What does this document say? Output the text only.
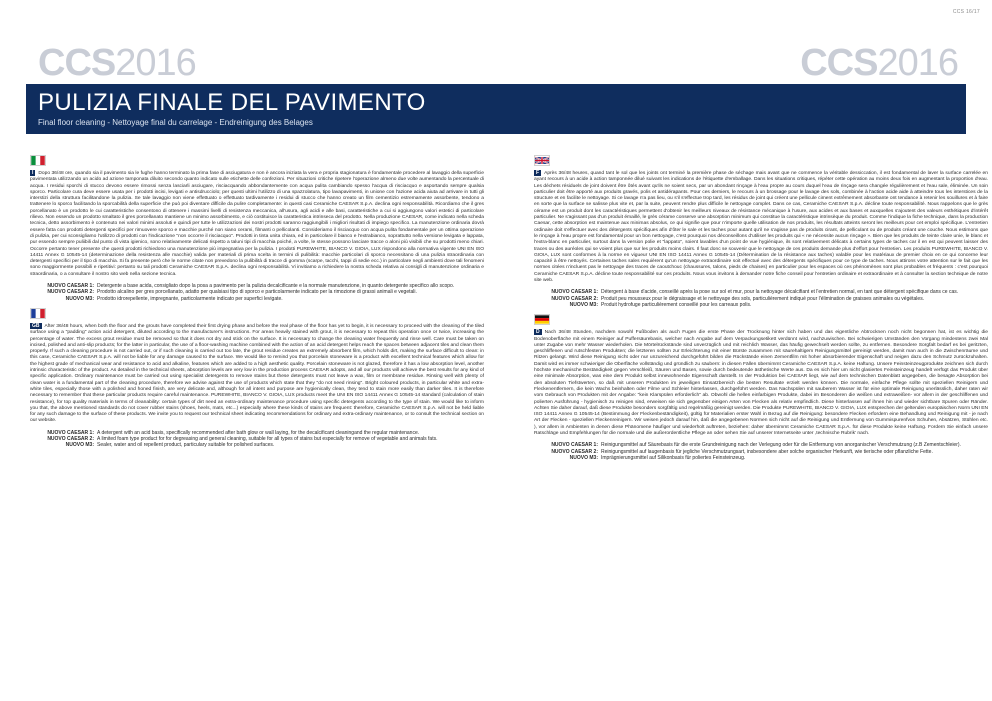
CCS 16/17
CCS2016	CCS2016
PULIZIA FINALE DEL PAVIMENTO
Final floor cleaning - Nettoyage final du carrelage - Endreinigung des Belages

I Dopo 36/48 ore, quando sia il pavimento sia le fughe hanno terminato la prima fase di asciugatura e non è ancora iniziata la vera e propria stagionatura è fondamentale procedere al lavaggio della superficie pavimentata utilizzando un acido ad azione tamponata diluito secondo quanto indicato sulle etichette delle confezioni. Per situazioni critiche ripetere l'operazione almeno due volte aumentando la percentuale di acqua. I residui sporchi di stucco devono essere rimossi senza lasciarli asciugare, risciacquando abbondantemente con acqua pulita cambiando spesso l'acqua di risciacquo e asportando sempre qualsia sporco. Particolare cura deve essere usata per i prodotti incisi, levigati e antisdrucciolo; per questi ultimi l'utilizzo di una spazzolatura, tipo lavapavimenti, in unione con l'azione acida aiuta ad arrivare in tutti gli interstizi della struttura facilitandone la pulizia. Se tale lavaggio non viene effettuato o effettuato tardivamente i residui di stucco che hanno creato un film cementizio estremamente assorbente, tendono a trattenere lo sporco facilitando la sporcabilità della superficie che può poi diventare difficile da pulire completamente: in questi casi Ceramiche CAESAR S.p.A. declina ogni responsabilità. Ricordiamo che il gres porcellanato è un prodotto le cui caratteristiche consentono di ottenere i massimi livelli di resistenza meccanica, all'usura, agli acidi e alle basi, caratteristiche a cui si aggiungono valori estetici di particolare rilievo. Non essendo un prodotto smaltato il gres porcellanato mantiene un minimo assorbimento, e ciò costituisce la caratteristica intrinseca del prodotto. Nella produzione CAESAR, come indicato nella scheda tecnica, detto assorbimento è contenuto nei valori minimi assoluti e quindi per tutte le utilizzazioni dei nostri prodotti saranno raggiungibili i migliori risultati di impiego specifico. La manutenzione ordinaria dovrà essere fatta con prodotti detergenti specifici per rimuovere sporco e macchie purché non siano cerami, filmanti o pellicolanti. Consideriamo il risciacquo con acqua pulita fondamentale per un ottima operazione di pulizia, per cui sconsigliamo l'utilizzo di prodotti con l'indicazione "non occorre il risciacquo". Prodotti in tinta unita chiara, ed in particolare il bianco e l'extrabianco, soprattutto nella versione levigata e lappata, pur essendo sempre puliibili dal punto di vista igienico, sono relativamente delicati rispetto a taluni tipi di macchia poiché, a volte, le stesse possono lasciare tracce o aloni più visibili che su prodotti meno chiari. Occorre pertanto tener presente che questi prodotti richiedono una manutenzione più impegnativa per la pulizia. I prodotti PUREWHITE, BIANCO V. GIOIA, LUX rispondono alla normativa vigente UNI EN ISO 14411 Annex G 10545-14 (determinazione della resistenza alle macchie) valida per materiali di prima scelta in termini di pulibilità: macchie particolari di sporco necessitano di una pulizia straordinaria con detergenti specifici per il tipo di macchia. Si fa presente però che le norme citate non prevedono la pulibilità di tracce di gomma (scarpe, tacchi, tappi di sedie ecc.) in particolare negli ambienti dove tali fenomeni sono maggiormente possibili e ripetitivi: pertanto su tali prodotti Ceramiche CAESAR S.p.A. declina ogni responsabilità. Vi invitiamo a richiedere la nostra scheda relativa ai consigli di manutenzione ordinaria e straordinaria, o a consultare il nostro sito web nella sezione tecnica.

NUOVO CAESAR 1: Detergente a base acida, consigliato dopo la posa a pavimento per la pulizia decalcificante e la normale manutenzione, in quanto detergente specifico allo scopo.
NUOVO CAESAR 2: Prodotto alcalino per gres porcellanato, adatto per qualsiasi tipo di sporco e particolarmente indicato per la rimozione di grassi animali e vegetali.
NUOVO M3: Prodotto idrorepellente, impregnante, particolarmente indicato per superfici levigate.

GB After 36/48 hours, when both the floor and the grouts have completed their first drying phase and before the real phase of the floor has yet to begin, it is necessary to proceed with the cleaning of the tiled surface using a "padding" action acid detergent, diluted according to the manufacturer's instructions. For areas heavily stained with grout, it is necessary to repeat this operation once or twice, increasing the percentage of water. The excess grout residue must be removed so that it does not dry and stick on the surface. It is necessary to change the cleaning water frequently and rinse well. Care must be taken on incised, polished and anti-slip products; for the latter in particular, the use of a floor-washing machine combined with the action of an acid detergent helps reach the spaces between adjacent tiles and clean them properly. If such a cleaning procedure is not carried out, or if such cleaning is carried out too late, the grout residue creates an extremely absorbent film, which holds dirt, making the surface difficult to clean: in this case, Ceramiche CAESAR S.p.A. will not be liable for any damage caused to the surface. We would like to remind you that porcelain stoneware is a product with excellent technical features which allow for the highest grade of mechanical wear and resistance to acid and alkaline, features which are added to a high aesthetic quality. Porcelain stoneware is not glazed, therefore it has a low absorption level, another intrinsic characteristic of the product. As detailed in the technical sheets, absorption levels are very low in the production process CAESAR adopts, and all our products will achieve the best results for any kind of specific application. Ordinary maintenance must be carried out using specialist detergents to remove stains but these detergents must not leave a wax, film or membrane residue. Rinsing well with plenty of clean water is a fundamental part of the cleaning procedure, therefore we advise against the use of products which state that they "do not need rinsing". Bright coloured products, in particular white and extra-white tiles, especially those with a polished and honed finish, are very delicate and, although for all intent and purpose are hygienically clean, they tend to stain more easily than darker tiles. It is therefore necessary to remember that these particular products require careful maintenance. PUREWHITE, BIANCO V. GIOIA, LUX products meet the UNI EN ISO 14411 Annex G 10545-14 standard (calculation of stain resistance), for top quality materials in terms of cleanability: certain types of dirt need an extra-ordinary maintenance procedure using specific detergents according to the type of stain. We would like to inform you that, the above mentioned standards do not cover rubber stains (shoes, heels, mats, etc...) especially where these kinds of stains are frequent: therefore, Ceramiche CAESAR S.p.A. will not be held liable for any such damage to the surface of these products. We invite you to request our technical sheet indicating recommendations for ordinary and extra-ordinary maintenance, or to consult the technical section on our website.

NUOVO CAESAR 1: A detergent with an acid basis, specifically recommended after bath glow or wall laying, for the decalcificant cleaningand the regular maintenance.
NUOVO CAESAR 2: A limited foam type product for for degreasing and general cleaning, suitable for all types of stains but especially for remove of vegetable and animals fats.
NUOVO M3: Sealer, water and oil repellent product, particulary suitable for polished surfaces.

F Après 36/48 heures, quand tant le sol que les joints ont terminé la première phase de séchage mais avant que ne commence la véritable dessiccation, il est fondamental de laver la surface carrelée en ayant recours à un acide à action tamponnée dilué suivant les indications de l'étiquette d'emballage. Dans les situations critiques, répéter cette opération au moins deux fois en augmentant la proportion d'eau. Les déchets résiduels de joint doivent être ôtés avant qu'ils ne soient secs, par un abondant rinçage à l'eau propre au cours duquel l'eau de rinçage sera changée régulièrement et l'eau sale, éliminée. Un soin particulier doit être apporté aux produits gravés, polis et antidérapants. Pour ces derniers, le recours à un brossage pour le lavage des sols, combinée à l'action acide aide à atteindre tous les interstices de la structure et en facilite le nettoyage. Si ce lavage n'a pas lieu, ou s'il s'effectue trop tard, les résidus de joint qui créent une pellicule ciment extrêmement absorbante ont tendance à retenir les souillures et à faire en sorte que la surface se salisse plus vite et, par la suite, peuvent rendre plus difficile le nettoyage complet. Dans ce cas, Ceramiche CAESAR S.p.A. décline toute responsabilité. Nous rappelons que le grès cérame est un produit dont les caractéristiques permettent d'obtenir les meilleurs niveaux de résistance mécanique à l'usure, aux acides et aux bases et auxquelles s'ajoutent des valeurs esthétiques d'intérêt particulier. Ne s'agissant pas d'un produit émaillé, le grès cérame conserve une absorption minimum qui constitue la caractéristique intrinsèque du produit. Comme l'indique la fiche technique, dans la production Caesar, cette absorption est maintenue aux minimas absolus, ce qui signifie que pour n'importe quelle utilisation de nos produits, les résultats atteints seront les meilleurs pour cet emploi spécifique. L'entretien ordinaire doit s'effectuer avec des détergents spécifiques afin d'ôter le sale et les taches pour autant qu'il ne s'agisse pas de produits cirant, de pelliculant ou de produits créant une couche. Nous estimons que le rinçage à l'eau propre est fondamental pour un bon nettoyage, c'est pourquoi nos déconseillons d'utiliser les produits qui « ne nécessite aucun rinçage ». Bien que les produits de teinte claire unie, le blanc et l'extra-blanc en particulier, surtout dans la version polie et "lappato", soient lavables d'un point de vue hygiénique, ils sont relativement délicats à certains types de taches car il en est qui peuvent laisser des traces ou des auréoles qui se voient plus que sur les produits moins clairs. Il faut donc se souvenir que le nettoyage de ces produits demande plus d'effort pour l'entretien. Les produits PUREWHITE, BIANCO V. GIOIA, LUX sont conformes à la norme en vigueur UNI EN ISO 14411 Annex G 10545-14 (Détermination de la résistance aux taches) valable pour les matériaux de premier choix en ce qui concerne leur capacité à être nettoyés. Certaines taches sales requièrent qu'un nettoyage extraordinaire soit effectué avec des détergents spécifiques pour ce type de taches. Nous attirons votre attention sur le fait que les normes citées n'incluent pas le nettoyage des traces de caoutchouc (chaussures, talons, pieds de chaises) en particulier pour les espaces où ces phénomènes sont plus probables et fréquents : c'est pourquoi Ceramiche CAESAR S.p.A. décline toute responsabilité sur ces produits. Nous vous invitons à demander notre fiche conseil pour l'entretien ordinaire et extraordinaire et à consulter la section technique de notre site web.

NUOVO CAESAR 1: Détergent à base d'acide, conseillé après la pose sur sol et mur, pour la nettoyage décalcifiant et l'entretien normal, en tant que détergent spécifique dans ce cas.
NUOVO CAESAR 2: Produit peu mousseux pour le dégraissage et le nettoyage des sols, particulièrement indiqué pour l'élimination de graisses animales ou végétales.
NUOVO M3: Produit hydrofuge particulièrement conseillé pour les carreaux polis.

D Nach 36/48 Stunden, nachdem sowohl Fußboden als auch Fugen die erste Phase der Trocknung hinter sich haben und das eigentliche Abtrocknen noch nicht begonnen hat, ist es wichtig die Bodenoberfläche mit einem Reiniger auf Puffersäurebasis, welcher nach Angabe auf dem Verpackungsetikett verdünnt wird, nachzuwischen. Bei schwierigen Umständen den Vorgang mindestens zwei Mal unter Zugabe von mehr Wasser wiederholen. Die Mörtelrückstände sind unverzüglich und mit reichlich Wasser, das häufig gewechselt werden sollte, zu entfernen. Besondere Sorgfalt bedarf es bei geritzten, geschliffenen und rutschfesten Produkten; die letzteren sollten zur Erleichterung mit einer Bürste zusammen mit säurehaltigem Reinigungsmittel gereinigt werden, damit man auch in die Zwischenräume und Ritzen gelangt. Wird diese Reinigung nicht oder nur unzureichend durchgeführt bilden die Rückstände einen Zementfilm mit hoher absorbierender Eigenschaft und neigen dazu den Schmutz zurückzuhalten. Damit wird es immer schwieriger die Oberfläche vollständig und gründlich zu säubern: in diesen Fällen übernimmt Ceramiche CAESAR S.p.A. keine Haftung. Unsere Feinsteinzeugprodukte zeichnen sich durch höchste mechanische Beständigkeit gegen Verschleiß, Säuren und Basen, sowie durch bedeutende ästhetische Werte aus. Da es sich hier um nicht glasiertes Feinsteinzeug handelt verfügt das Produkt über eine minimale Absorption, was eine dem Produkt selbst innewohnende Eigenschaft darstellt. In der Produktion bei CAESAR liegt, wie auf dem technischen Datenblatt angegeben, die besagte Absorption bei den absoluten Tiefstwerten, so daß mit unseren Produkten im jeweiligen Einsatzbereich die besten Resultate erzielt werden können. Die normale, einfache Pflege sollte mit speziellen Reinigern und Fleckenentfernern, die kein Wachs beinhalten oder Filme und Schleier hinterlassen, durchgeführt werden. Das Nachspülen mit sauberem Wasser ist für eine optimale Reinigung unerlässlich, daher raten wir vom Gebrauch von Produkten mit der Angabe: "kein Klarspülen erforderlich" ab. Obwohl die hellen einfarbigen Produkte, dabei im Besonderen die weißen und extraweißen- vor allem in der geschliffenen und polierten Ausführung - hygienisch zu reinigen sind, erweisen sie sich gegenüber einigen Arten von Flecken als relativ empfindlich. Diese hinterlassen auf ihnen hin und wieder sichtbare Spuren oder Ränder. Achten Sie daher darauf, daß diese Produkte besonders sorgfältig und regelmäßig gereinigt werden. Die Produkte PUREWHITE, BIANCO V. GIOIA, LUX entsprechen der geltenden europäischen Norm UNI EN ISO 14411 Annex G 10545-14 (Bestimmung der Fleckenbeständigkeit), gültig für Materialien erster Wahl in Bezug auf die Reinigung: besondere Flecken erfordern eine Behandlung und Reinigung mit - je nach Art der Flecken - speziellen Fleckenreinigern. Wir weisen jedoch darauf hin, daß die angegebenen Normen sich nicht auf die Reinigung und Entfernung von Gummispurenfvon Schuhen, Absätzen, Stühlen etc. ), vor allem in Ambienten in denen diese Phänomene häufiger und wiederholt auftreten, beziehen: daher übernimmt Ceramiche CAESAR S.p.A. für diese Produkte keine Haftung. Fordern Sie einfach unsere Ratschläge und Empfehlungen für die normale und die außerordentliche Pflege an oder sehen Sie auf unserer Internetseite unter ,technische Rubrik' nach.

NUOVO CAESAR 1: Reinigungsmittel auf Säurebasis für die erste Grundreinigung nach der Verlegung oder für die Entfernung von anorganischer Verschmutzung (z.B Zementschleier).
NUOVO CAESAR 2: Reinigungsmittel auf laugenbasis für jegliche Verschmutzungsart, insbesondere aber solche organischer Herkunft, wie tierische oder pflanzliche Fette.
NUOVO M3: Imprägnierungsmittel auf Silikonbasis für poliertes Feinsteinzeug.
